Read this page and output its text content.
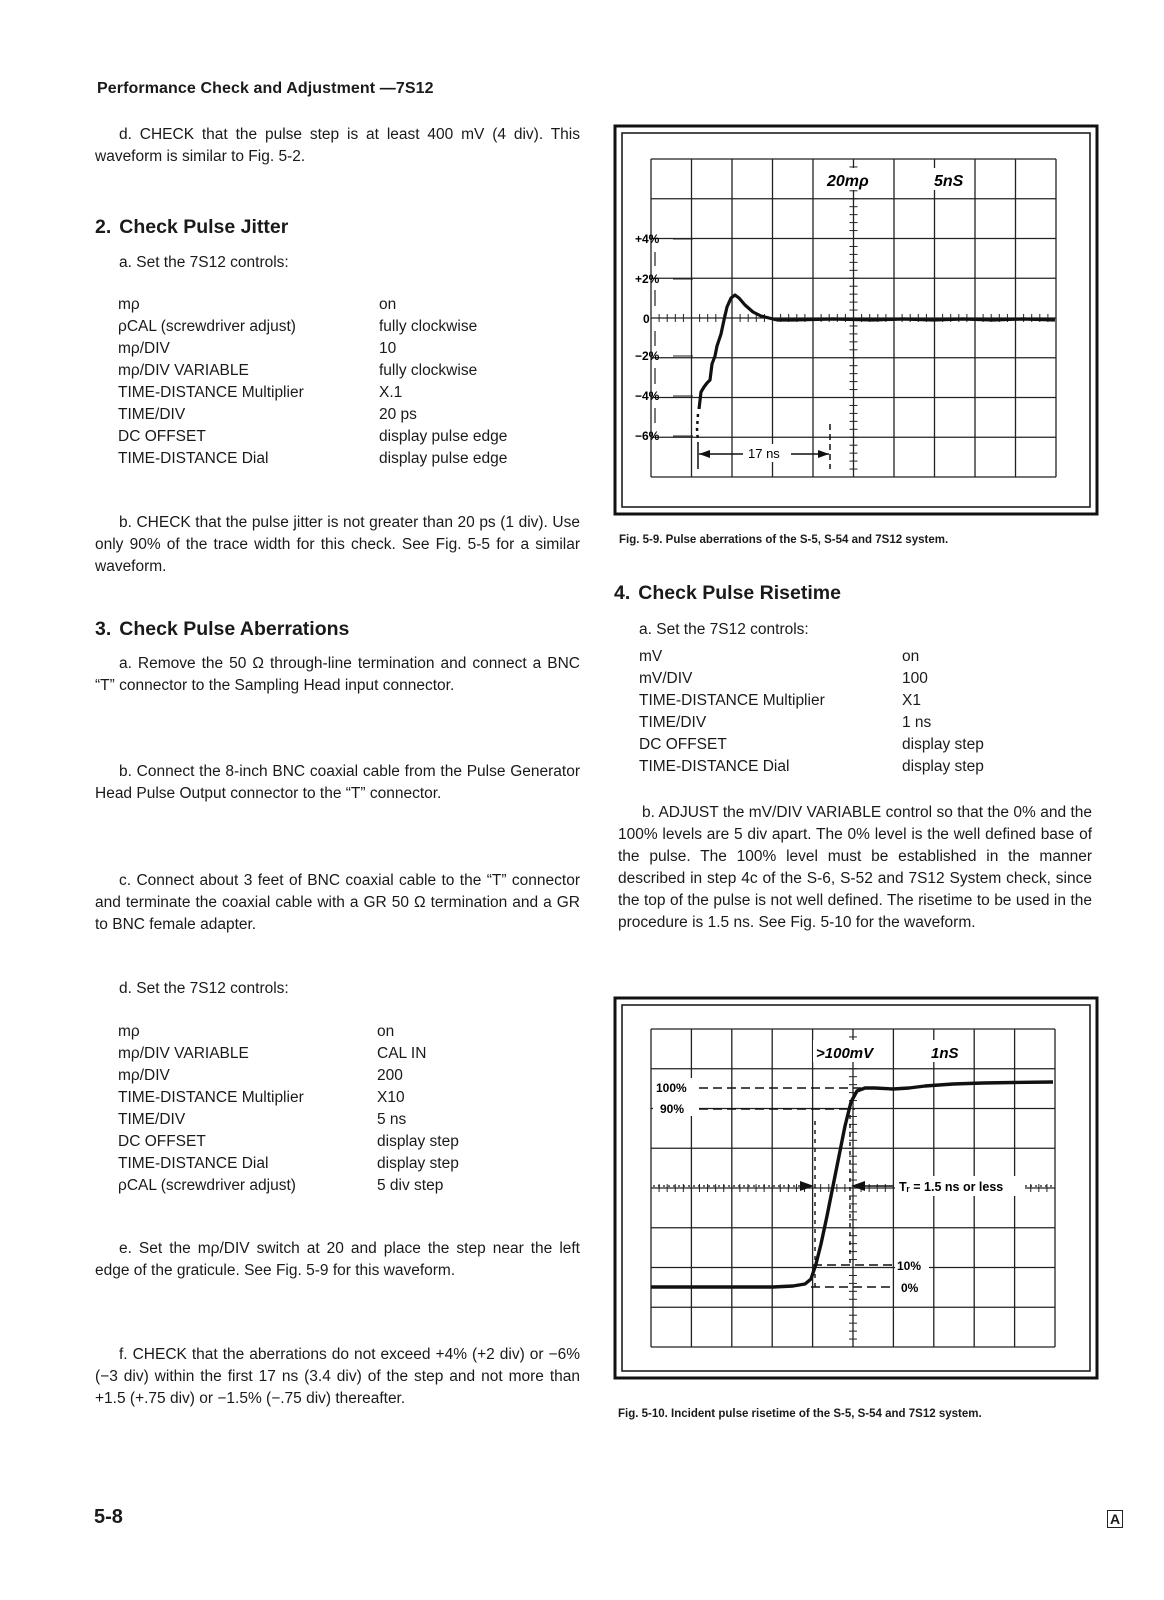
Performance Check and Adjustment —7S12
d. CHECK that the pulse step is at least 400 mV (4 div). This waveform is similar to Fig. 5-2.
2. Check Pulse Jitter
a. Set the 7S12 controls:
mρ	on
ρCAL (screwdriver adjust)	fully clockwise
mρ/DIV	10
mρ/DIV VARIABLE	fully clockwise
TIME-DISTANCE Multiplier	X.1
TIME/DIV	20 ps
DC OFFSET	display pulse edge
TIME-DISTANCE Dial	display pulse edge
b. CHECK that the pulse jitter is not greater than 20 ps (1 div). Use only 90% of the trace width for this check. See Fig. 5-5 for a similar waveform.
3. Check Pulse Aberrations
a. Remove the 50 Ω through-line termination and connect a BNC “T” connector to the Sampling Head input connector.
b. Connect the 8-inch BNC coaxial cable from the Pulse Generator Head Pulse Output connector to the “T” connector.
c. Connect about 3 feet of BNC coaxial cable to the “T” connector and terminate the coaxial cable with a GR 50 Ω termination and a GR to BNC female adapter.
d. Set the 7S12 controls:
mρ	on
mρ/DIV VARIABLE	CAL IN
mρ/DIV	200
TIME-DISTANCE Multiplier	X10
TIME/DIV	5 ns
DC OFFSET	display step
TIME-DISTANCE Dial	display step
ρCAL (screwdriver adjust)	5 div step
e. Set the mρ/DIV switch at 20 and place the step near the left edge of the graticule. See Fig. 5-9 for this waveform.
f. CHECK that the aberrations do not exceed +4% (+2 div) or −6% (−3 div) within the first 17 ns (3.4 div) of the step and not more than +1.5 (+.75 div) or −1.5% (−.75 div) thereafter.
+4%
+2%
0
−2%
−4%
−6%
20mρ	5nS
17 ns
Fig. 5-9. Pulse aberrations of the S-5, S-54 and 7S12 system.
4. Check Pulse Risetime
a. Set the 7S12 controls:
mV	on
mV/DIV	100
TIME-DISTANCE Multiplier	X1
TIME/DIV	1 ns
DC OFFSET	display step
TIME-DISTANCE Dial	display step
b. ADJUST the mV/DIV VARIABLE control so that the 0% and the 100% levels are 5 div apart. The 0% level is the well defined base of the pulse. The 100% level must be established in the manner described in step 4c of the S-6, S-52 and 7S12 System check, since the top of the pulse is not well defined. The risetime to be used in the procedure is 1.5 ns. See Fig. 5-10 for the waveform.
>100mV	1nS
100%
90%
10%
0%
Tᵣ = 1.5 ns or less
Fig. 5-10. Incident pulse risetime of the S-5, S-54 and 7S12 system.
5-8	A
